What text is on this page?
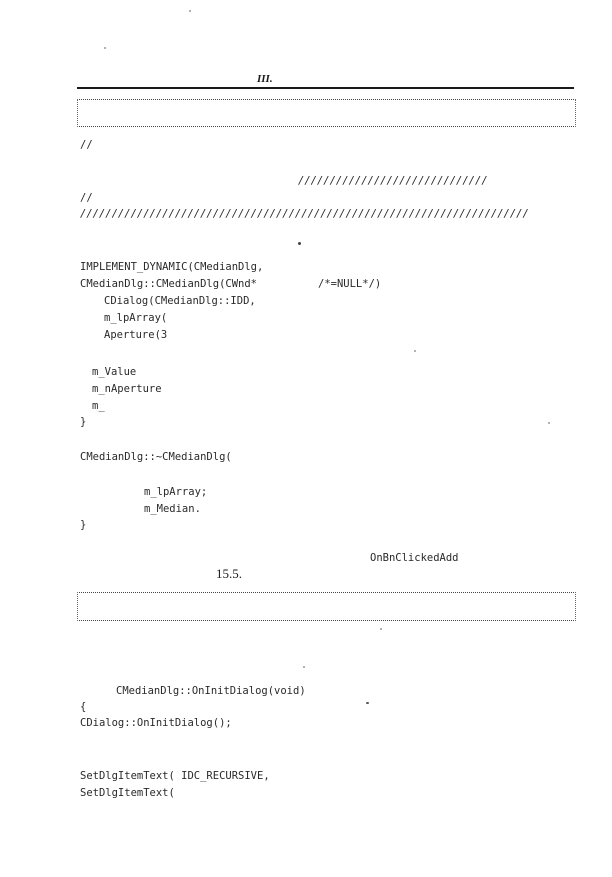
III.
//
//////////////////////////////
//
///////////////////////////////////////////////////////////////////////
IMPLEMENT_DYNAMIC(CMedianDlg,
CMedianDlg::CMedianDlg(CWnd*	/*=NULL*/)
CDialog(CMedianDlg::IDD,
m_lpArray(
Aperture(3
m_Value
m_nAperture
m_
}
CMedianDlg::~CMedianDlg(
m_lpArray;
m_Median.
}
OnBnClickedAdd
15.5.
CMedianDlg::OnInitDialog(void)
{
CDialog::OnInitDialog();
SetDlgItemText( IDC_RECURSIVE,
SetDlgItemText(
